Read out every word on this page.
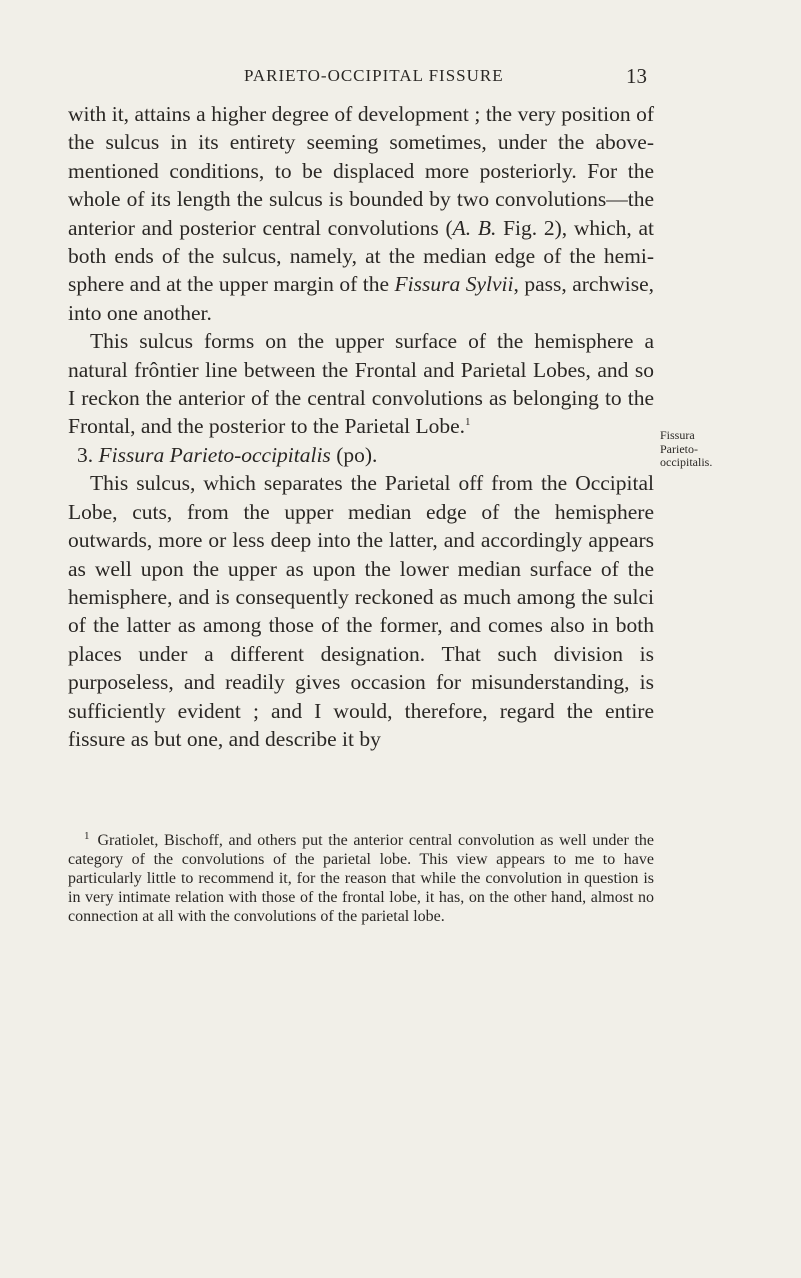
PARIETO-OCCIPITAL FISSURE	13

with it, attains a higher degree of development ; the very position of the sulcus in its entirety seeming sometimes, under the above-mentioned conditions, to be displaced more posteriorly. For the whole of its length the sulcus is bounded by two convolutions—the anterior and posterior central convolutions (A. B. Fig. 2), which, at both ends of the sulcus, namely, at the median edge of the hemisphere and at the upper margin of the Fissura Sylvii, pass, archwise, into one another.

This sulcus forms on the upper surface of the hemisphere a natural frôntier line between the Frontal and Parietal Lobes, and so I reckon the anterior of the central convolutions as belonging to the Frontal, and the posterior to the Parietal Lobe.$^1$

3. Fissura Parieto-occipitalis (po).

This sulcus, which separates the Parietal off from the Occipital Lobe, cuts, from the upper median edge of the hemisphere outwards, more or less deep into the latter, and accordingly appears as well upon the upper as upon the lower median surface of the hemisphere, and is consequently reckoned as much among the sulci of the latter as among those of the former, and comes also in both places under a different designation. That such division is purposeless, and readily gives occasion for misunderstanding, is sufficiently evident ; and I would, therefore, regard the entire fissure as but one, and describe it by

Fissura
Parieto-
occipitalis.

$^1$ Gratiolet, Bischoff, and others put the anterior central convolution as well under the category of the convolutions of the parietal lobe. This view appears to me to have particularly little to recommend it, for the reason that while the convolution in question is in very intimate relation with those of the frontal lobe, it has, on the other hand, almost no connection at all with the convolutions of the parietal lobe.
